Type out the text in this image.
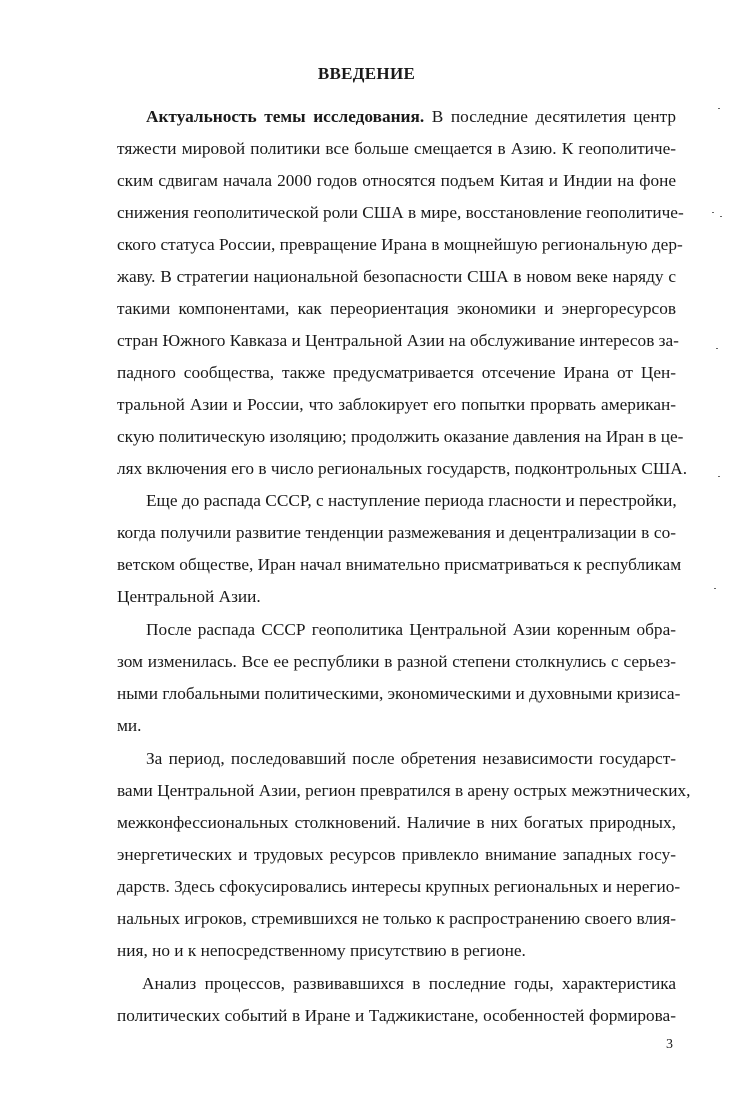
ВВЕДЕНИЕ
Актуальность темы исследования. В последние десятилетия центр
тяжести мировой политики все больше смещается в Азию. К геополитиче-
ским сдвигам начала 2000 годов относятся подъем Китая и Индии на фоне
снижения геополитической роли США в мире, восстановление геополитиче-
ского статуса России, превращение Ирана в мощнейшую региональную дер-
жаву. В стратегии национальной безопасности США в новом веке наряду с
такими компонентами, как переориентация экономики и энергоресурсов
стран Южного Кавказа и Центральной Азии на обслуживание интересов за-
падного сообщества, также предусматривается отсечение Ирана от Цен-
тральной Азии и России, что заблокирует его попытки прорвать американ-
скую политическую изоляцию; продолжить оказание давления на Иран в це-
лях включения его в число региональных государств, подконтрольных США.
Еще до распада СССР, с наступление периода гласности и перестройки,
когда получили развитие тенденции размежевания и децентрализации в со-
ветском обществе, Иран начал внимательно присматриваться к республикам
Центральной Азии.
После распада СССР геополитика Центральной Азии коренным обра-
зом изменилась. Все ее республики в разной степени столкнулись с серьез-
ными глобальными политическими, экономическими и духовными кризиса-
ми.
За период, последовавший после обретения независимости государст-
вами Центральной Азии, регион превратился в арену острых межэтнических,
межконфессиональных столкновений. Наличие в них богатых природных,
энергетических и трудовых ресурсов привлекло внимание западных госу-
дарств. Здесь сфокусировались интересы крупных региональных и нерегио-
нальных игроков, стремившихся не только к распространению своего влия-
ния, но и к непосредственному присутствию в регионе.
Анализ процессов, развивавшихся в последние годы, характеристика
политических событий в Иране и Таджикистане, особенностей формирова-
3
